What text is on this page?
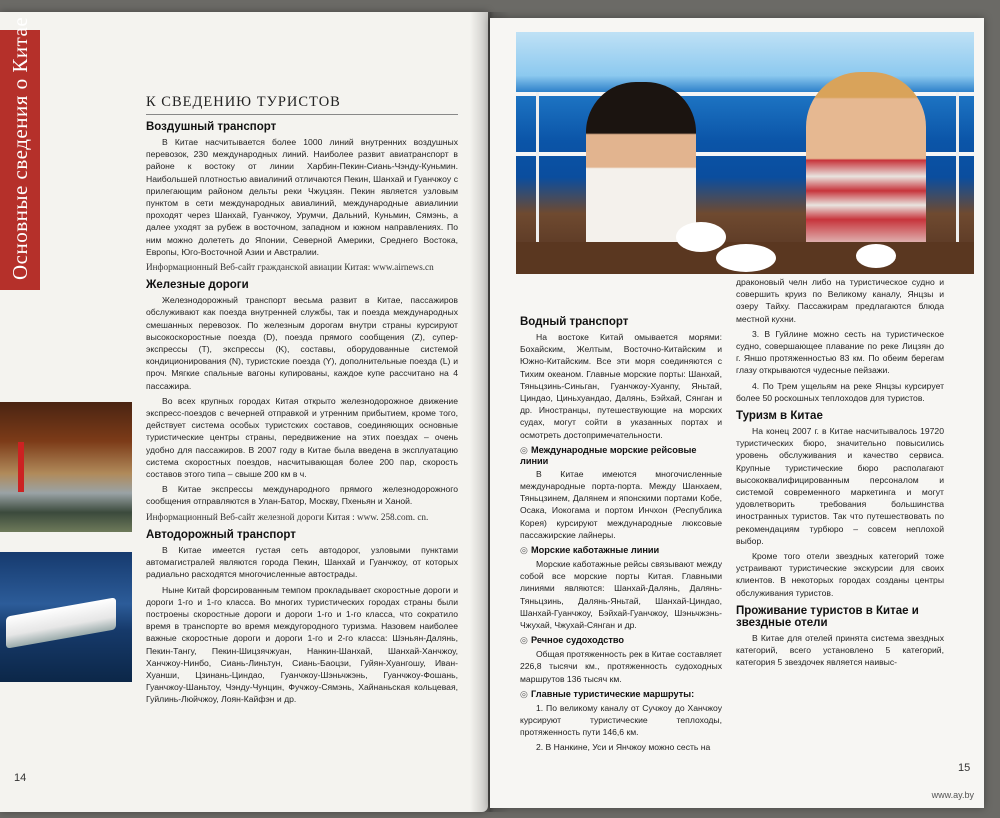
Основные сведения о Китае	К СВЕДЕНИЮ ТУРИСТОВ
Воздушный транспорт

В Китае насчитывается более 1000 линий внутренних воздушных перевозок, 230 международных линий. Наиболее развит авиатранспорт в районе к востоку от линии Харбин-Пекин-Сиань-Чэнду-Куньмин. Наибольшей плотностью авиалиний отличаются Пекин, Шанхай и Гуанчжоу с прилегающим районом дельты реки Чжуцзян. Пекин является узловым пунктом в сети международных авиалиний, международные авиалинии проходят через Шанхай, Гуанчжоу, Урумчи, Дальний, Куньмин, Сямэнь, а далее уходят за рубеж в восточном, западном и южном направлениях. По ним можно долететь до Японии, Северной Америки, Среднего Востока, Европы, Юго-Восточной Азии и Австралии.

Информационный Веб-сайт гражданской авиации Китая: www.airnews.cn

Железные дороги

Железнодорожный транспорт весьма развит в Китае, пассажиров обслуживают как поезда внутренней службы, так и поезда международных смешанных перевозок. По железным дорогам внутри страны курсируют высокоскоростные поезда (D), поезда прямого сообщения (Z), супер-экспрессы (T), экспрессы (K), составы, оборудованные системой кондиционирования (N), туристские поезда (Y), дополнительные поезда (L) и проч. Мягкие спальные вагоны купированы, каждое купе рассчитано на 4 пассажира.

Во всех крупных городах Китая открыто железнодорожное движение экспресс-поездов с вечерней отправкой и утренним прибытием, кроме того, действует система особых туристских составов, соединяющих основные туристические центры страны, передвижение на этих поездах – очень удобно для пассажиров. В 2007 году в Китае была введена в эксплуатацию система скоростных поездов, насчитывающая более 200 пар, скорость составов этого типа – свыше 200 км в ч.

В Китае экспрессы международного прямого железнодорожного сообщения отправляются в Улан-Батор, Москву, Пхеньян и Ханой.

Информационный Веб-сайт железной дороги Китая : www. 258.com. cn.

Автодорожный транспорт

В Китае имеется густая сеть автодорог, узловыми пунктами автомагистралей являются города Пекин, Шанхай и Гуанчжоу, от которых радиально расходятся многочисленные автострады.

Ныне Китай форсированным темпом прокладывает скоростные дороги и дороги 1-го и 1-го класса. Во многих туристических городах страны были построены скоростные дороги и дороги 1-го и 1-го класса, что сократило время в транспорте во время междугородного туризма. Назовем наиболее важные скоростные дороги и дороги 1-го и 2-го класса: Шэньян-Далянь, Пекин-Тангу, Пекин-Шицзячжуан, Нанкин-Шанхай, Шанхай-Ханчжоу, Ханчжоу-Нинбо, Сиань-Линьтун, Сиань-Баоцзи, Гуйян-Хуангошу, Иван-Хуанши, Цзинань-Циндао, Гуанчжоу-Шэньчжэнь, Гуанчжоу-Фошань, Гуанчжоу-Шаньтоу, Чэнду-Чунцин, Фучжоу-Сямэнь, Хайнаньская кольцевая, Гуйлинь-Люйчжоу, Лоян-Кайфэн и др.

14
Водный транспорт

На востоке Китай омывается морями: Бохайским, Желтым, Восточно-Китайским и Южно-Китайским. Все эти моря соединяются с Тихим океаном. Главные морские порты: Шанхай, Тяньцзинь-Синьган, Гуанчжоу-Хуанпу, Яньтай, Циндао, Циньхуандао, Далянь, Бэйхай, Сянган и др. Иностранцы, путешествующие на морских судах, могут сойти в указанных портах и осмотреть достопримечательности.

◎ Международные морские рейсовые линии

В Китае имеются многочисленные международные порта-порта. Между Шанхаем, Тяньцзинем, Далянем и японскими портами Кобе, Осака, Иокогама и портом Инчхон (Республика Корея) курсируют международные люксовые пассажирские лайнеры.

◎ Морские каботажные линии

Морские каботажные рейсы связывают между собой все морские порты Китая. Главными линиями являются: Шанхай-Далянь, Далянь-Тяньцзинь, Далянь-Яньтай, Шанхай-Циндао, Шанхай-Гуанчжоу, Бэйхай-Гуанчжоу, Шэньчжэнь-Чжухай, Чжухай-Сянган и др.

◎ Речное судоходство

Общая протяженность рек в Китае составляет 226,8 тысячи км., протяженность судоходных маршрутов 136 тысяч км.

◎ Главные туристические маршруты:

1. По великому каналу от Сучжоу до Ханчжоу курсируют туристические теплоходы, протяженность пути 146,6 км.

2. В Нанкине, Уси и Янчжоу можно сесть на

драконовый челн либо на туристическое судно и совершить круиз по Великому каналу, Янцзы и озеру Тайху. Пассажирам предлагаются блюда местной кухни.

3. В Гуйлине можно сесть на туристическое судно, совершающее плавание по реке Лицзян до г. Яншо протяженностью 83 км. По обеим берегам глазу открываются чудесные пейзажи.

4. По Трем ущельям на реке Янцзы курсирует более 50 роскошных теплоходов для туристов.

Туризм в Китае

На конец 2007 г. в Китае насчитывалось 19720 туристических бюро, значительно повысились уровень обслуживания и качество сервиса. Крупные туристические бюро располагают высококвалифицированным персоналом и системой современного маркетинга и могут удовлетворить требования большинства иностранных туристов. Так что путешествовать по рекомендациям турбюро – совсем неплохой выбор.

Кроме того отели звездных категорий тоже устраивают туристические экскурсии для своих клиентов. В некоторых городах созданы центры обслуживания туристов.

Проживание туристов в Китае и звездные отели

В Китае для отелей принята система звездных категорий, всего установлено 5 категорий, категория 5 звездочек является наивыс-

15
www.ay.by
